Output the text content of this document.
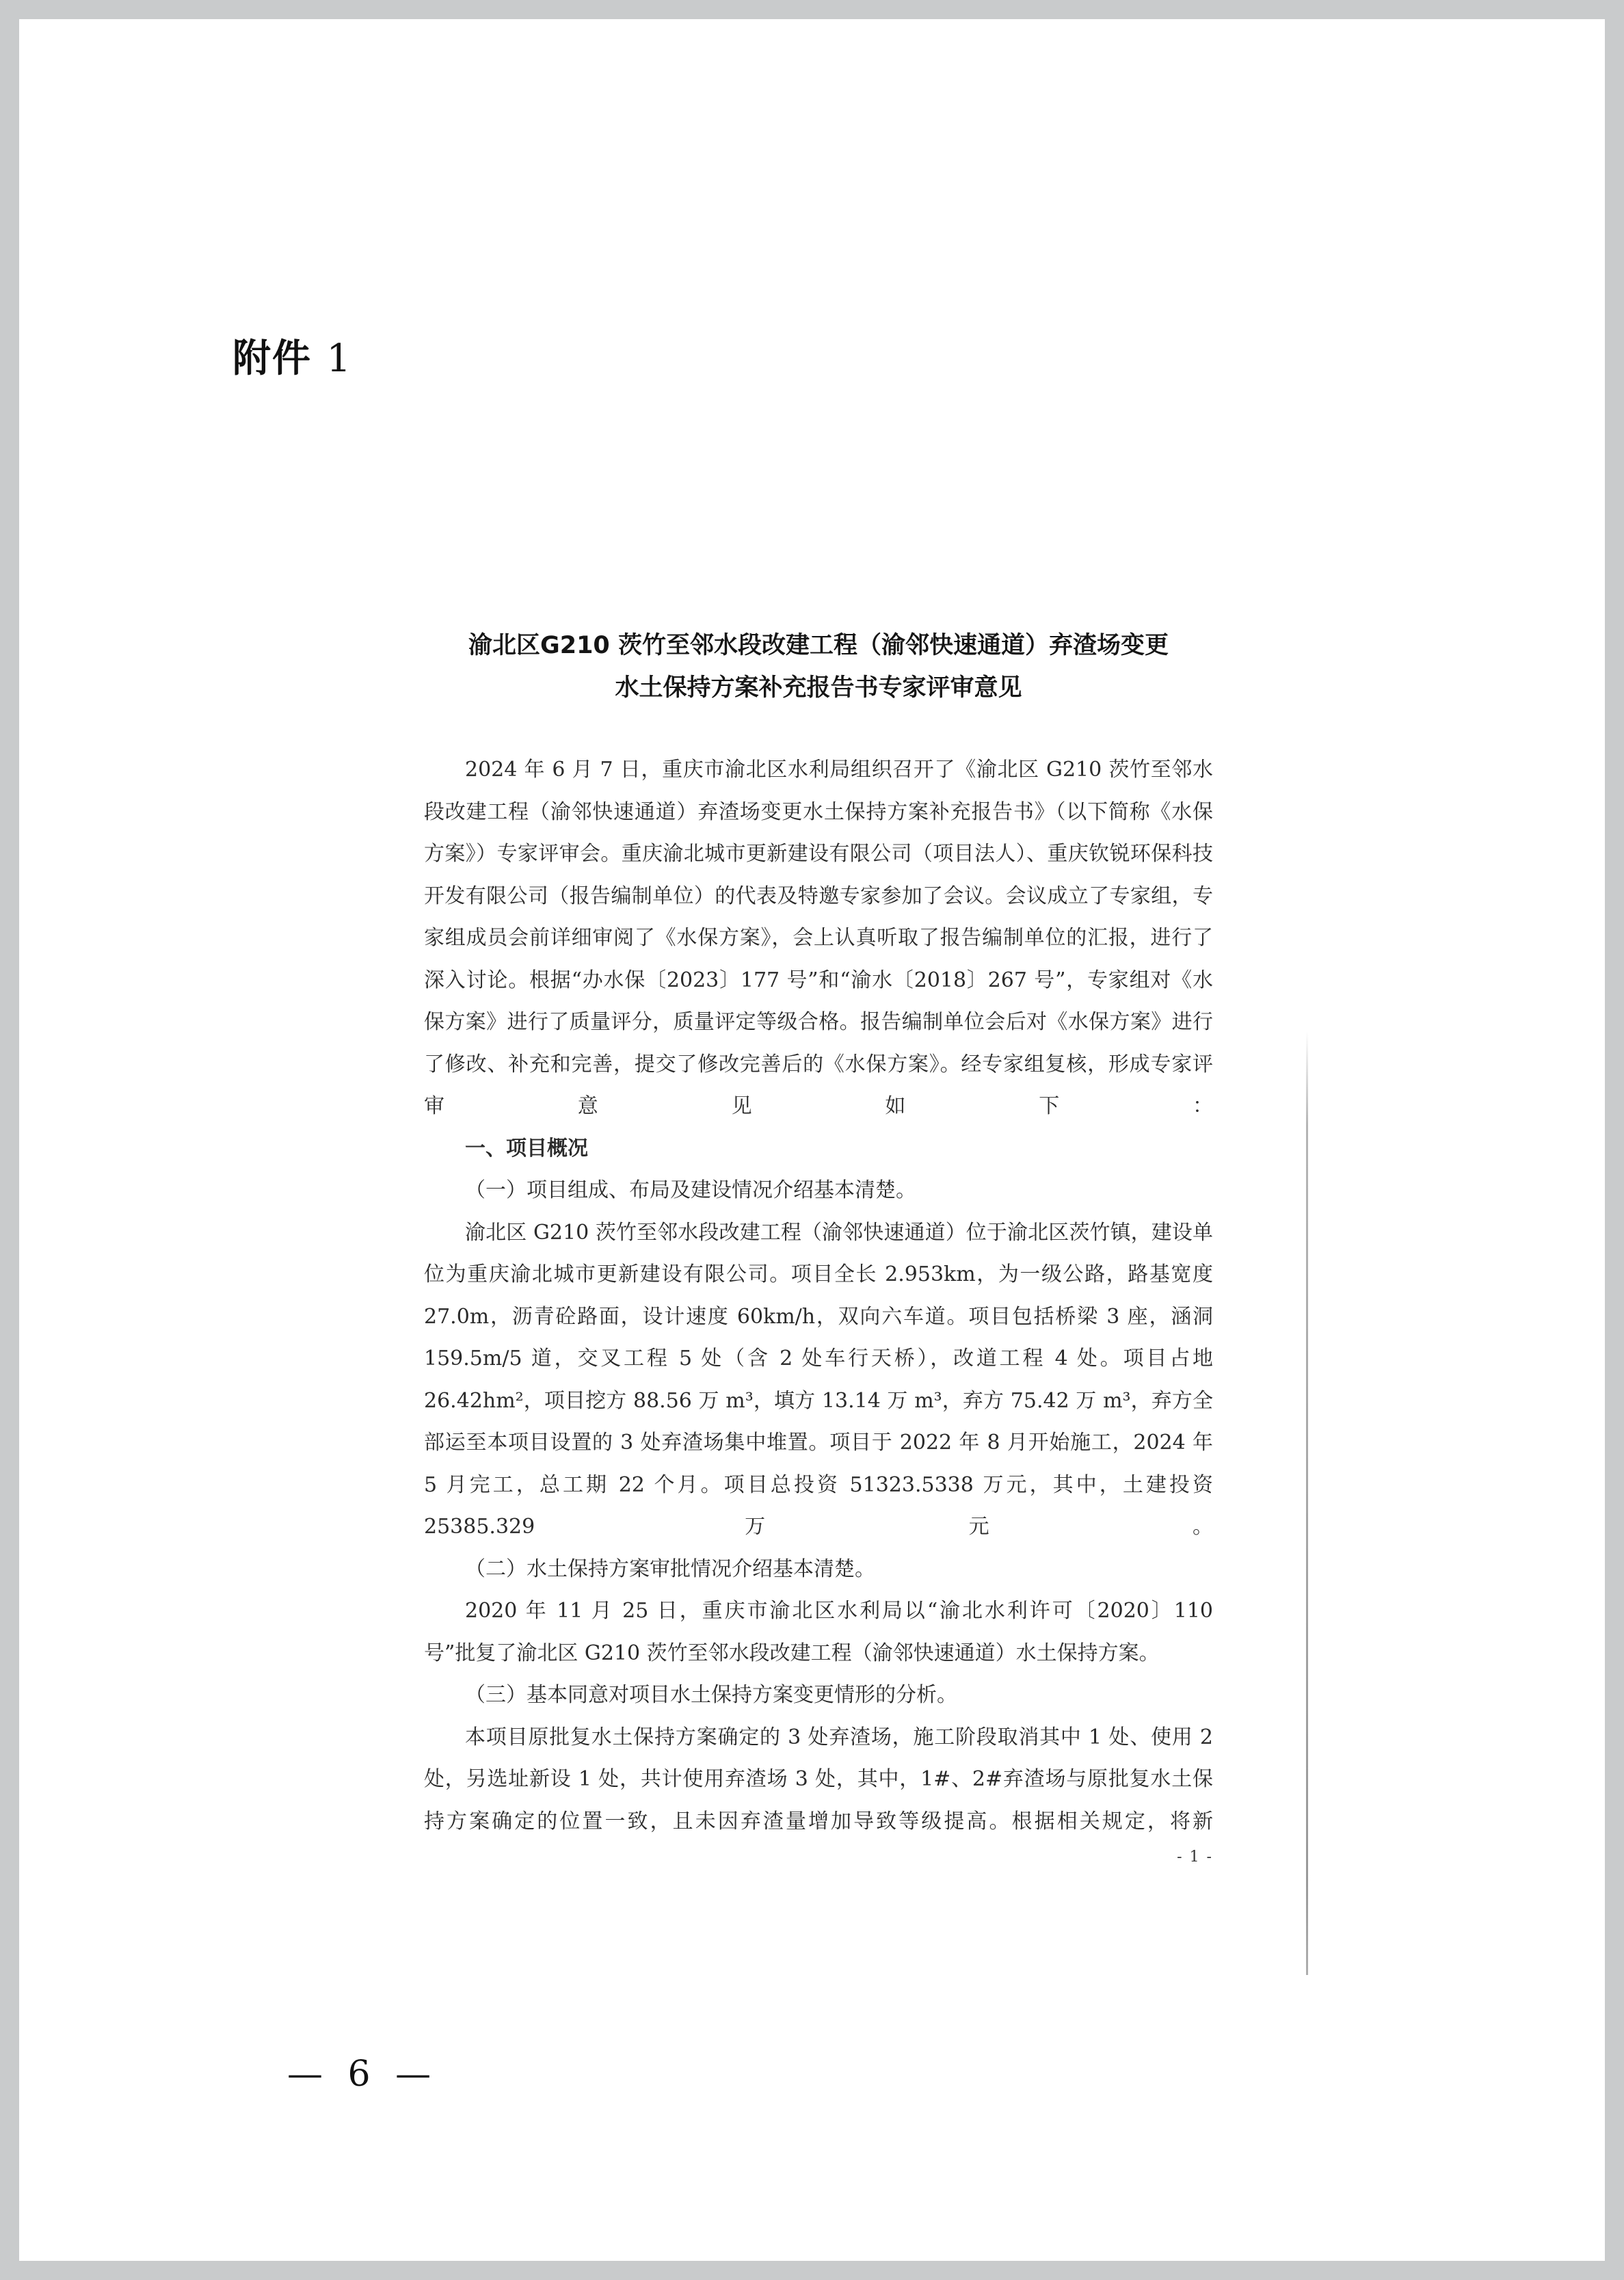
附件 1

渝北区G210 茨竹至邻水段改建工程（渝邻快速通道）弃渣场变更

水土保持方案补充报告书专家评审意见

2024 年 6 月 7 日，重庆市渝北区水利局组织召开了《渝北区 G210 茨竹至邻水段改建工程（渝邻快速通道）弃渣场变更水土保持方案补充报告书》（以下简称《水保方案》）专家评审会。重庆渝北城市更新建设有限公司（项目法人）、重庆钦锐环保科技开发有限公司（报告编制单位）的代表及特邀专家参加了会议。会议成立了专家组，专家组成员会前详细审阅了《水保方案》，会上认真听取了报告编制单位的汇报，进行了深入讨论。根据“办水保〔2023〕177 号”和“渝水〔2018〕267 号”，专家组对《水保方案》进行了质量评分，质量评定等级合格。报告编制单位会后对《水保方案》进行了修改、补充和完善，提交了修改完善后的《水保方案》。经专家组复核，形成专家评审意见如下：

一、项目概况

（一）项目组成、布局及建设情况介绍基本清楚。

渝北区 G210 茨竹至邻水段改建工程（渝邻快速通道）位于渝北区茨竹镇，建设单位为重庆渝北城市更新建设有限公司。项目全长 2.953km，为一级公路，路基宽度 27.0m，沥青砼路面，设计速度 60km/h，双向六车道。项目包括桥梁 3 座，涵洞 159.5m/5 道，交叉工程 5 处（含 2 处车行天桥），改道工程 4 处。项目占地 26.42hm²，项目挖方 88.56 万 m³，填方 13.14 万 m³，弃方 75.42 万 m³，弃方全部运至本项目设置的 3 处弃渣场集中堆置。项目于 2022 年 8 月开始施工，2024 年 5 月完工，总工期 22 个月。项目总投资 51323.5338 万元，其中，土建投资 25385.329 万元。

（二）水土保持方案审批情况介绍基本清楚。

2020 年 11 月 25 日，重庆市渝北区水利局以“渝北水利许可〔2020〕110 号”批复了渝北区 G210 茨竹至邻水段改建工程（渝邻快速通道）水土保持方案。

（三）基本同意对项目水土保持方案变更情形的分析。

本项目原批复水土保持方案确定的 3 处弃渣场，施工阶段取消其中 1 处、使用 2 处，另选址新设 1 处，共计使用弃渣场 3 处，其中，1#、2#弃渣场与原批复水土保持方案确定的位置一致，且未因弃渣量增加导致等级提高。根据相关规定，将新

- 1 -
— 6 —
